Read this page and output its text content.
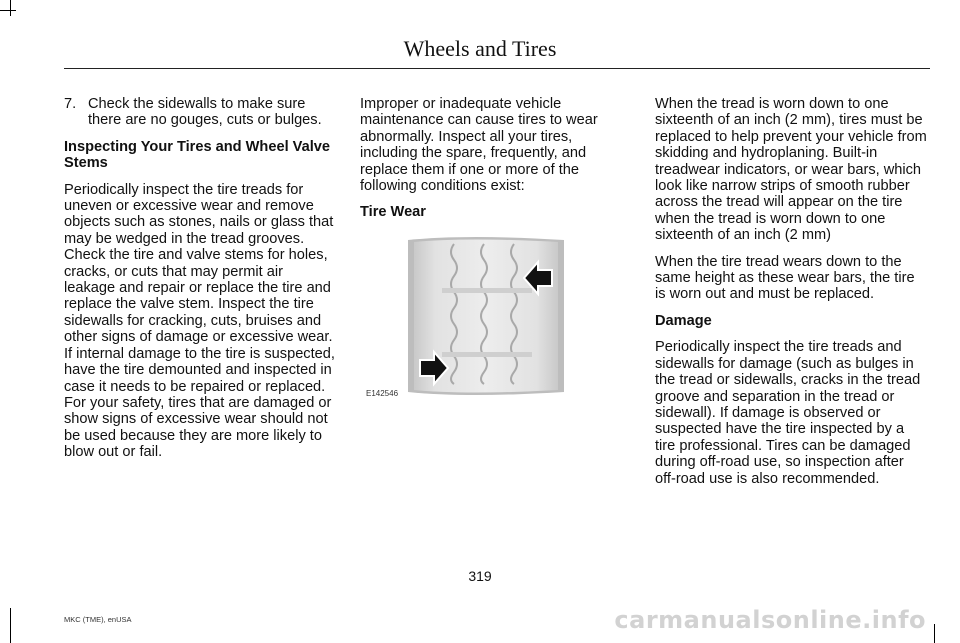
Wheels and Tires
7. Check the sidewalls to make sure there are no gouges, cuts or bulges.
Inspecting Your Tires and Wheel Valve Stems

Periodically inspect the tire treads for uneven or excessive wear and remove objects such as stones, nails or glass that may be wedged in the tread grooves. Check the tire and valve stems for holes, cracks, or cuts that may permit air leakage and repair or replace the tire and replace the valve stem. Inspect the tire sidewalls for cracking, cuts, bruises and other signs of damage or excessive wear. If internal damage to the tire is suspected, have the tire demounted and inspected in case it needs to be repaired or replaced. For your safety, tires that are damaged or show signs of excessive wear should not be used because they are more likely to blow out or fail.

Improper or inadequate vehicle maintenance can cause tires to wear abnormally. Inspect all your tires, including the spare, frequently, and replace them if one or more of the following conditions exist:

Tire Wear
E142546

When the tread is worn down to one sixteenth of an inch (2 mm), tires must be replaced to help prevent your vehicle from skidding and hydroplaning. Built-in treadwear indicators, or wear bars, which look like narrow strips of smooth rubber across the tread will appear on the tire when the tread is worn down to one sixteenth of an inch (2 mm)

When the tire tread wears down to the same height as these wear bars, the tire is worn out and must be replaced.

Damage

Periodically inspect the tire treads and sidewalls for damage (such as bulges in the tread or sidewalls, cracks in the tread groove and separation in the tread or sidewall). If damage is observed or suspected have the tire inspected by a tire professional. Tires can be damaged during off-road use, so inspection after off-road use is also recommended.

319
MKC (TME), enUSA	carmanualsonline.info
